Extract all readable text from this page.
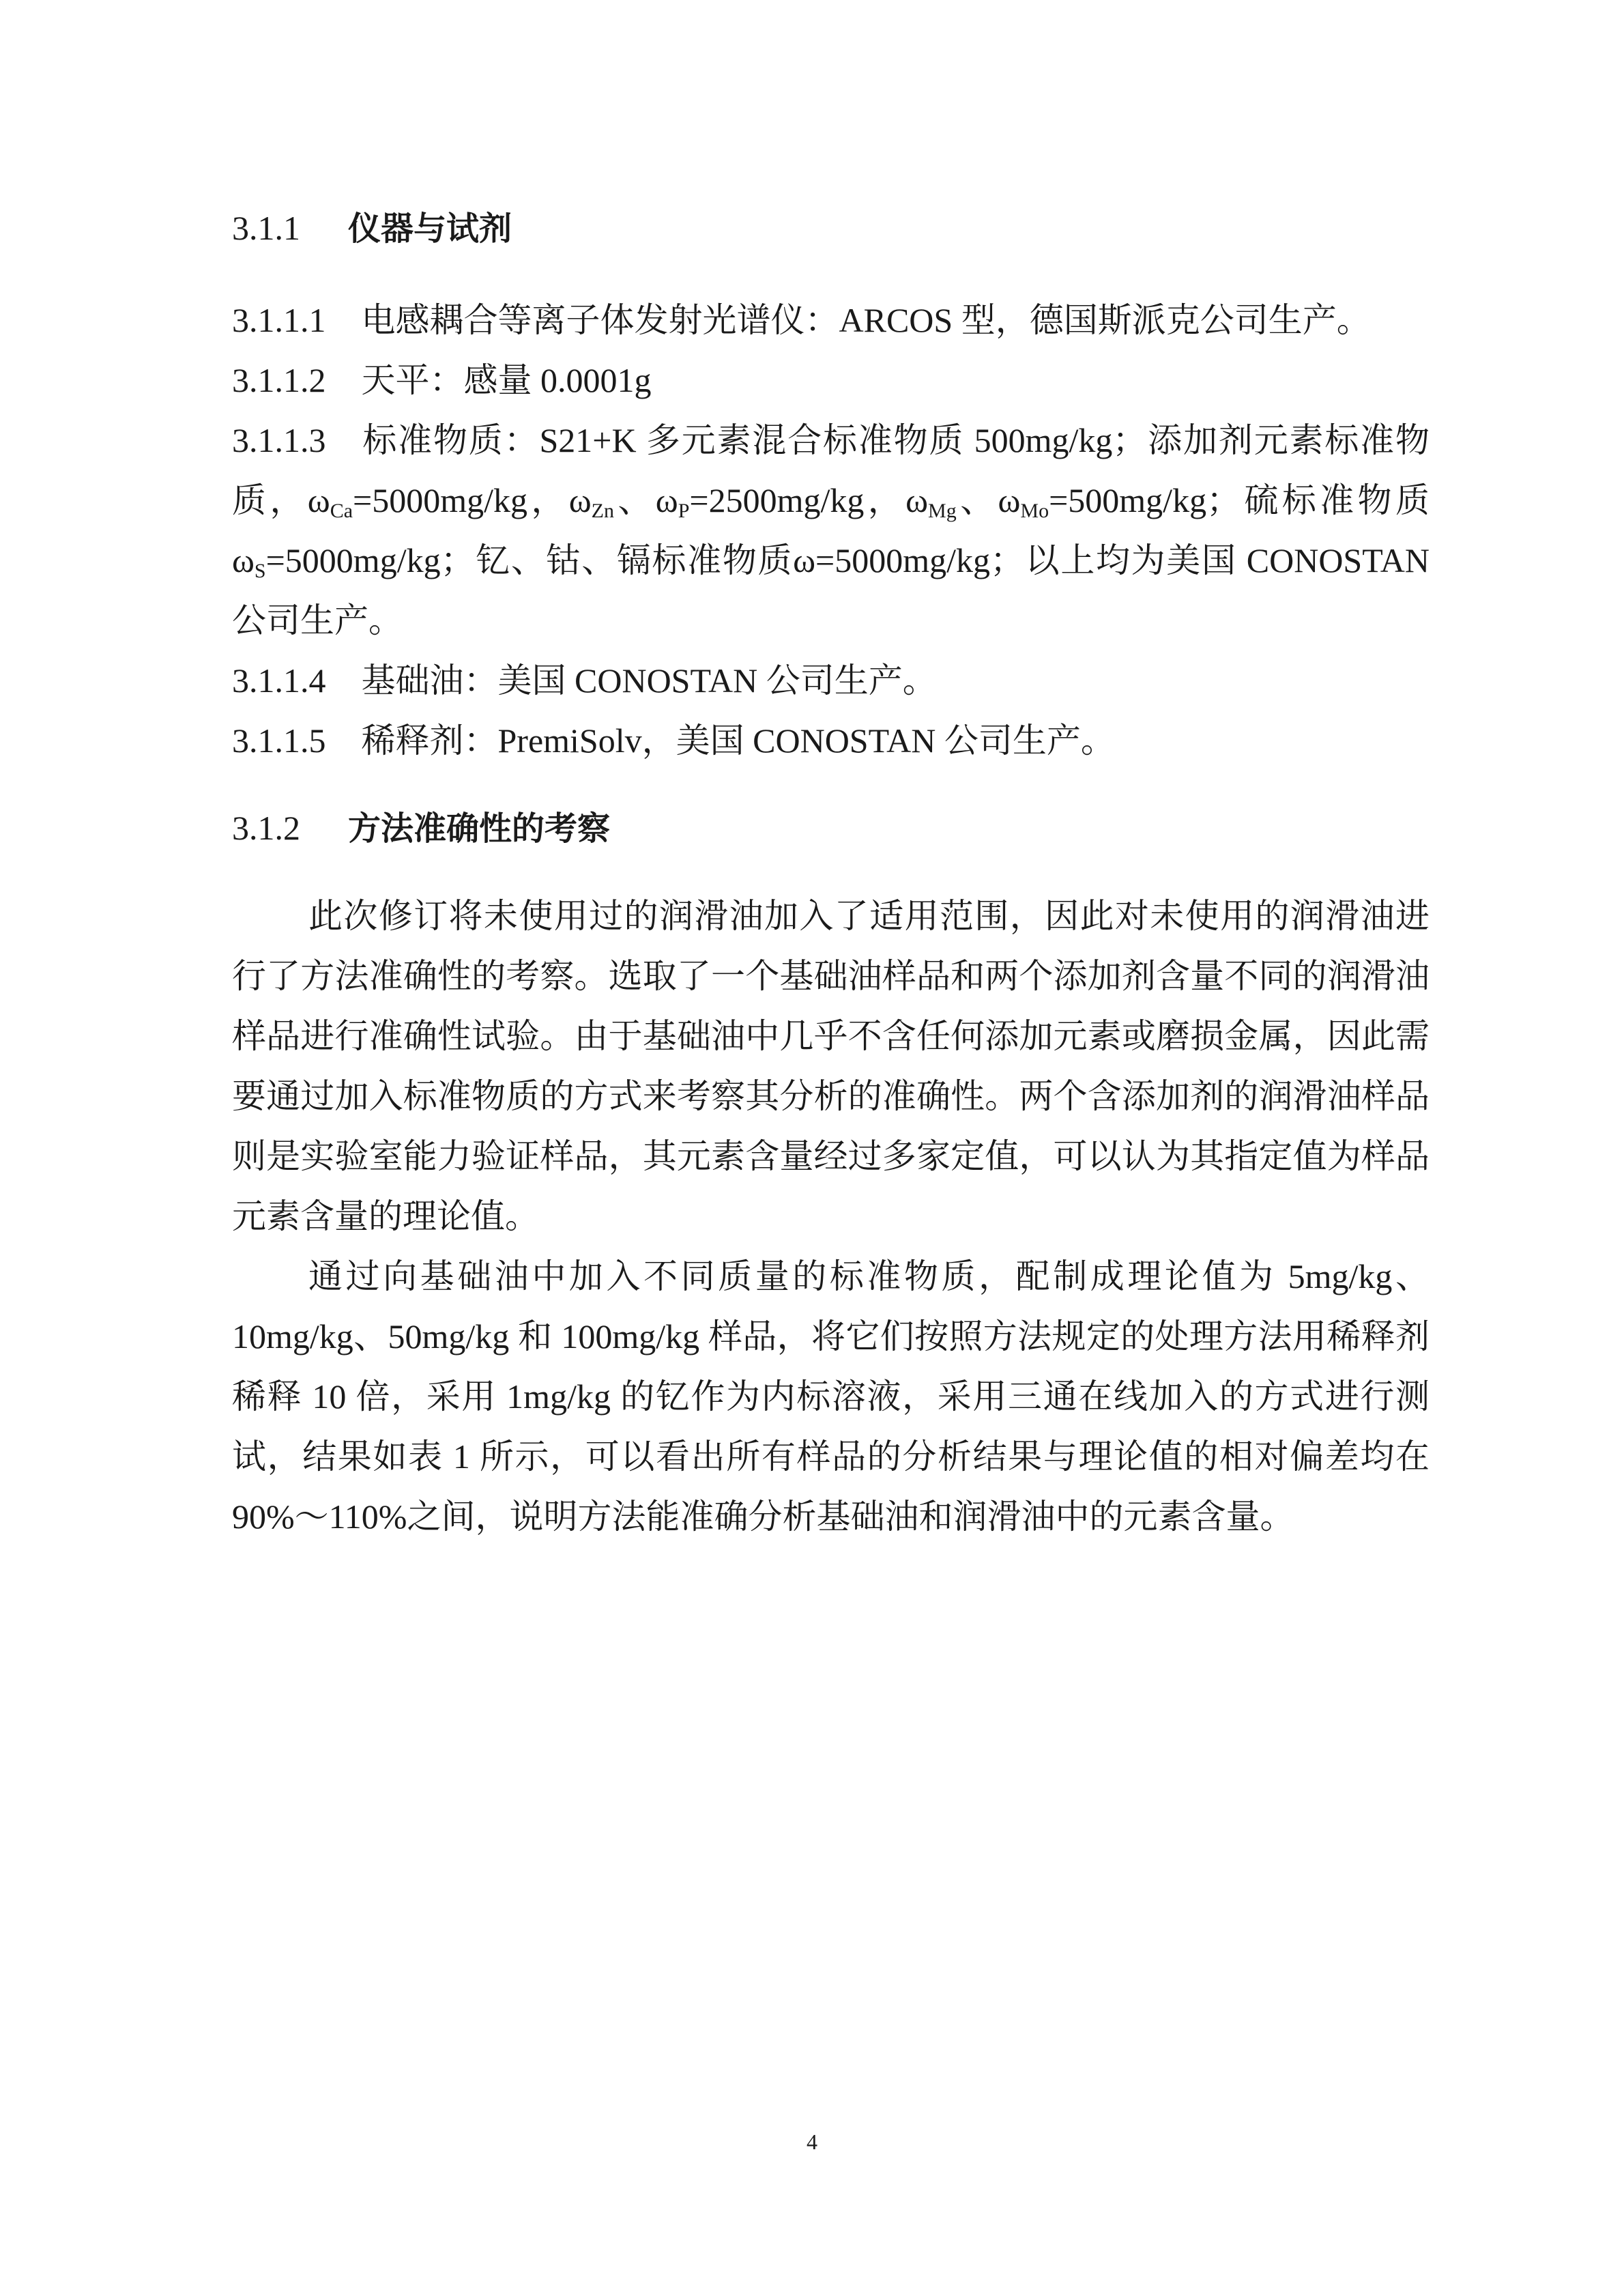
3.1.1 仪器与试剂

3.1.1.1 电感耦合等离子体发射光谱仪：ARCOS 型，德国斯派克公司生产。

3.1.1.2 天平：感量 0.0001g

3.1.1.3 标准物质：S21+K 多元素混合标准物质 500mg/kg；添加剂元素标准物质，$\omega_{Ca}=5000mg/kg$，$\omega_{Zn}$、$\omega_P=2500mg/kg$，$\omega_{Mg}$、$\omega_{Mo}=500mg/kg$；硫标准物质$\omega_S=5000mg/kg$；钇、钴、镉标准物质ω=5000mg/kg；以上均为美国 CONOSTAN 公司生产。

3.1.1.4 基础油：美国 CONOSTAN 公司生产。

3.1.1.5 稀释剂：PremiSolv，美国 CONOSTAN 公司生产。

3.1.2 方法准确性的考察

此次修订将未使用过的润滑油加入了适用范围，因此对未使用的润滑油进行了方法准确性的考察。选取了一个基础油样品和两个添加剂含量不同的润滑油样品进行准确性试验。由于基础油中几乎不含任何添加元素或磨损金属，因此需要通过加入标准物质的方式来考察其分析的准确性。两个含添加剂的润滑油样品则是实验室能力验证样品，其元素含量经过多家定值，可以认为其指定值为样品元素含量的理论值。

通过向基础油中加入不同质量的标准物质，配制成理论值为 5mg/kg、10mg/kg、50mg/kg 和 100mg/kg 样品，将它们按照方法规定的处理方法用稀释剂稀释 10 倍，采用 1mg/kg 的钇作为内标溶液，采用三通在线加入的方式进行测试，结果如表 1 所示，可以看出所有样品的分析结果与理论值的相对偏差均在 90%～110%之间，说明方法能准确分析基础油和润滑油中的元素含量。

4
